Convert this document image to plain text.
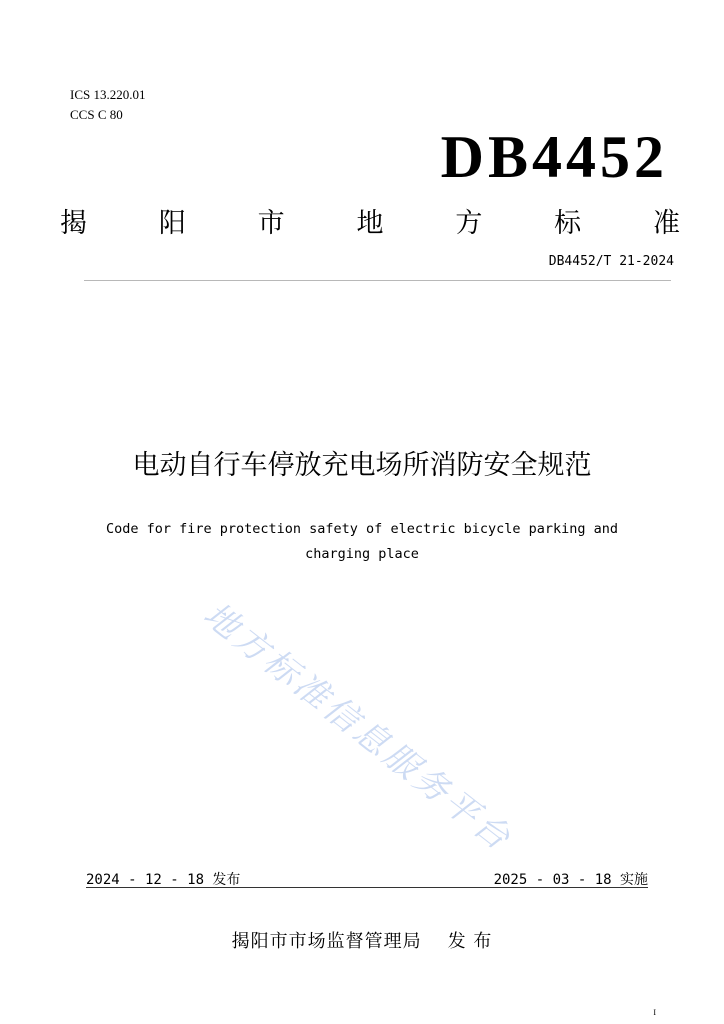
ICS 13.220.01
CCS C 80
DB4452
揭	阳	市	地	方	标	准
DB4452/T 21-2024
电动自行车停放充电场所消防安全规范
Code for fire protection safety of electric bicycle parking and
charging place
地方标准信息服务平台
2024 - 12 - 18 发布	2025 - 03 - 18 实施
揭阳市市场监督管理局 发 布
I
